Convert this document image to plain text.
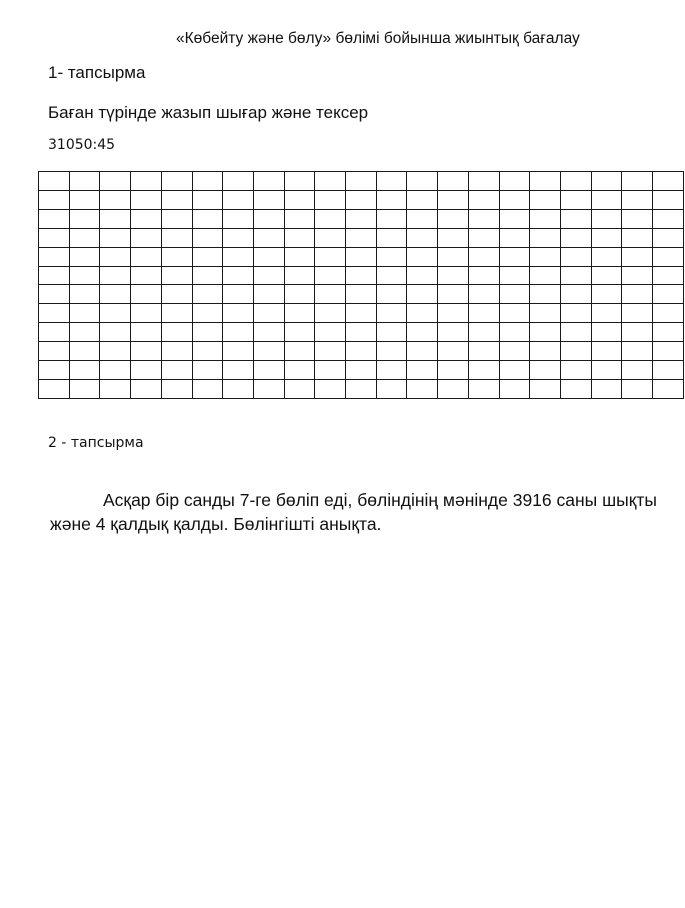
«Көбейту және бөлу» бөлімі бойынша жиынтық бағалау
1- тапсырма
Баған түрінде жазып шығар және тексер
31050:45

2 - тапсырма
Асқар бір санды 7-ге бөліп еді, бөліндінің мәнінде 3916 саны шықты және 4 қалдық қалды. Бөлінгішті анықта.
